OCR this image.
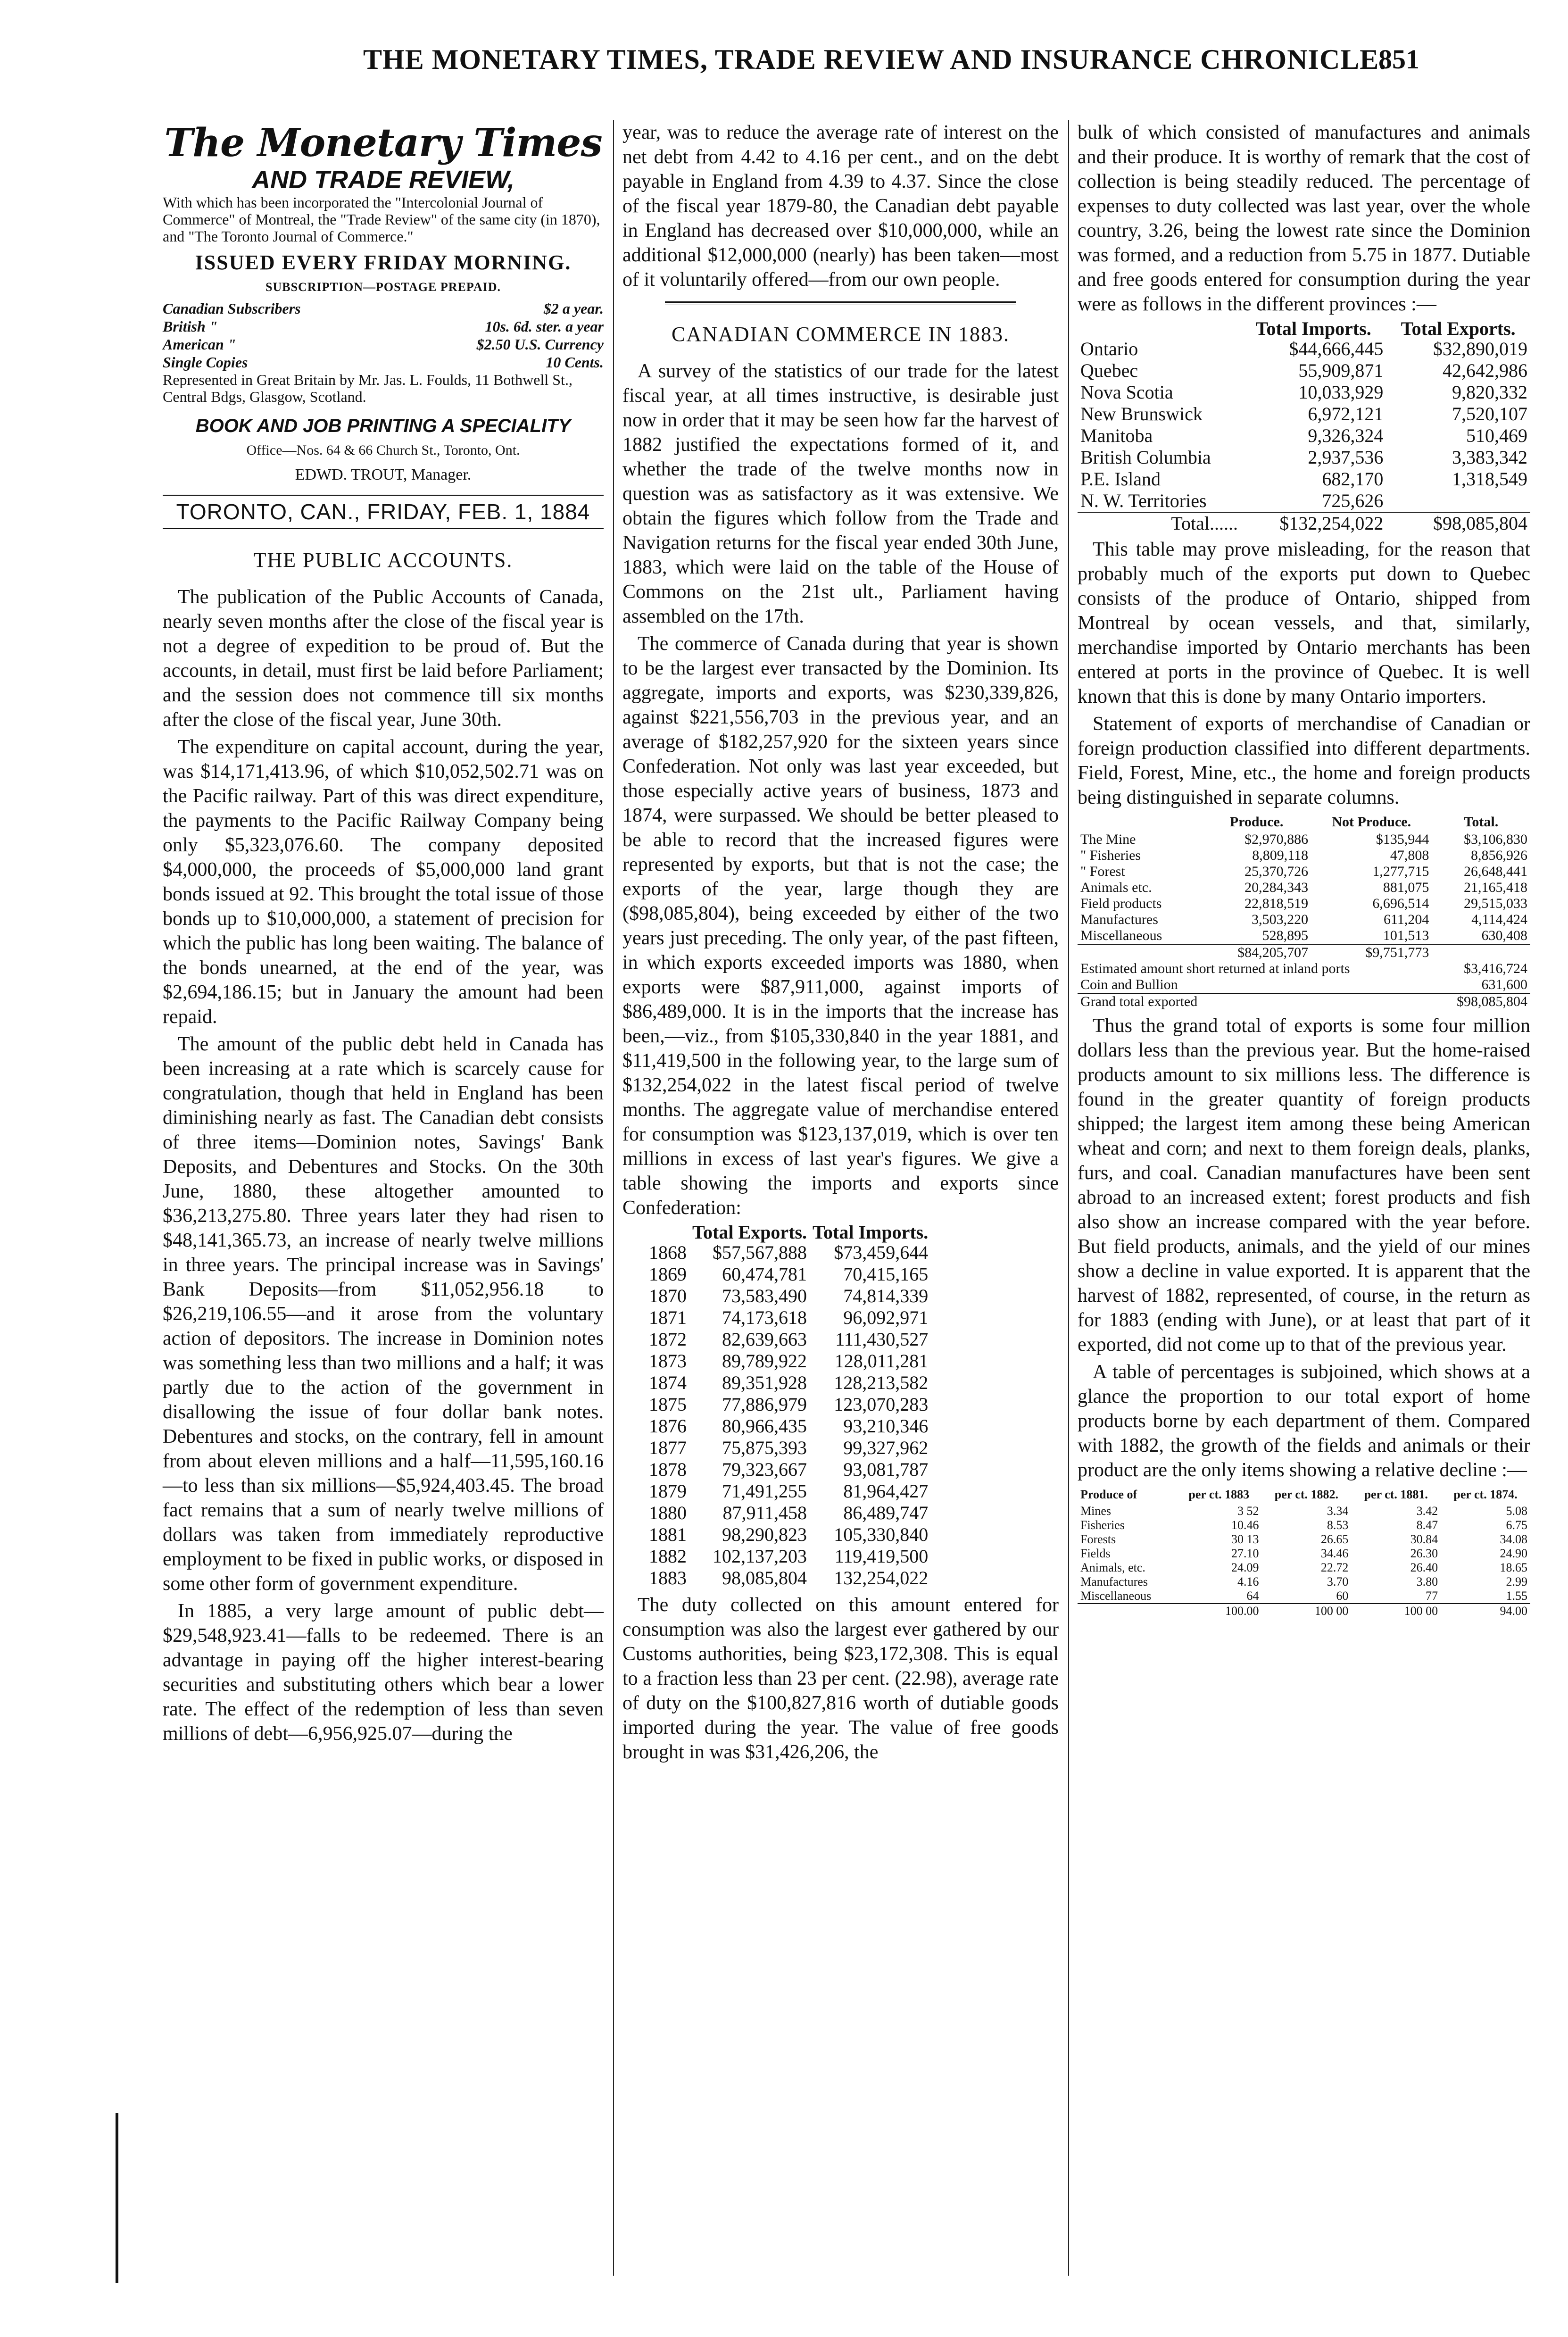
THE MONETARY TIMES, TRADE REVIEW AND INSURANCE CHRONICLE.
851
The Monetary Times
AND TRADE REVIEW,
With which has been incorporated the "Intercolonial Journal of Commerce" of Montreal, the "Trade Review" of the same city (in 1870), and "The Toronto Journal of Commerce."
ISSUED EVERY FRIDAY MORNING.
SUBSCRIPTION—POSTAGE PREPAID.
Canadian Subscribers	$2 a year.
British "	10s. 6d. ster. a year
American "	$2.50 U.S. Currency
Single Copies	10 Cents.
Represented in Great Britain by Mr. Jas. L. Foulds, 11 Bothwell St., Central Bdgs, Glasgow, Scotland.
BOOK AND JOB PRINTING A SPECIALITY
Office—Nos. 64 & 66 Church St., Toronto, Ont.
EDWD. TROUT, Manager.
TORONTO, CAN., FRIDAY, FEB. 1, 1884
THE PUBLIC ACCOUNTS.

The publication of the Public Accounts of Canada, nearly seven months after the close of the fiscal year is not a degree of expedition to be proud of. But the accounts, in detail, must first be laid before Parliament; and the session does not commence till six months after the close of the fiscal year, June 30th.

The expenditure on capital account, during the year, was $14,171,413.96, of which $10,052,502.71 was on the Pacific railway. Part of this was direct expenditure, the payments to the Pacific Railway Company being only $5,323,076.60. The company deposited $4,000,000, the proceeds of $5,000,000 land grant bonds issued at 92. This brought the total issue of those bonds up to $10,000,000, a statement of precision for which the public has long been waiting. The balance of the bonds unearned, at the end of the year, was $2,694,186.15; but in January the amount had been repaid.

The amount of the public debt held in Canada has been increasing at a rate which is scarcely cause for congratulation, though that held in England has been diminishing nearly as fast. The Canadian debt consists of three items—Dominion notes, Savings' Bank Deposits, and Debentures and Stocks. On the 30th June, 1880, these altogether amounted to $36,213,275.80. Three years later they had risen to $48,141,365.73, an increase of nearly twelve millions in three years. The principal increase was in Savings' Bank Deposits—from $11,052,956.18 to $26,219,106.55—and it arose from the voluntary action of depositors. The increase in Dominion notes was something less than two millions and a half; it was partly due to the action of the government in disallowing the issue of four dollar bank notes. Debentures and stocks, on the contrary, fell in amount from about eleven millions and a half—11,595,160.16—to less than six millions—$5,924,403.45. The broad fact remains that a sum of nearly twelve millions of dollars was taken from immediately reproductive employment to be fixed in public works, or disposed in some other form of government expenditure.

In 1885, a very large amount of public debt—$29,548,923.41—falls to be redeemed. There is an advantage in paying off the higher interest-bearing securities and substituting others which bear a lower rate. The effect of the redemption of less than seven millions of debt—6,956,925.07—during the

year, was to reduce the average rate of interest on the net debt from 4.42 to 4.16 per cent., and on the debt payable in England from 4.39 to 4.37. Since the close of the fiscal year 1879-80, the Canadian debt payable in England has decreased over $10,000,000, while an additional $12,000,000 (nearly) has been taken—most of it voluntarily offered—from our own people.

CANADIAN COMMERCE IN 1883.

A survey of the statistics of our trade for the latest fiscal year, at all times instructive, is desirable just now in order that it may be seen how far the harvest of 1882 justified the expectations formed of it, and whether the trade of the twelve months now in question was as satisfactory as it was extensive. We obtain the figures which follow from the Trade and Navigation returns for the fiscal year ended 30th June, 1883, which were laid on the table of the House of Commons on the 21st ult., Parliament having assembled on the 17th.

The commerce of Canada during that year is shown to be the largest ever transacted by the Dominion. Its aggregate, imports and exports, was $230,339,826, against $221,556,703 in the previous year, and an average of $182,257,920 for the sixteen years since Confederation. Not only was last year exceeded, but those especially active years of business, 1873 and 1874, were surpassed. We should be better pleased to be able to record that the increased figures were represented by exports, but that is not the case; the exports of the year, large though they are ($98,085,804), being exceeded by either of the two years just preceding. The only year, of the past fifteen, in which exports exceeded imports was 1880, when exports were $87,911,000, against imports of $86,489,000. It is in the imports that the increase has been,—viz., from $105,330,840 in the year 1881, and $11,419,500 in the following year, to the large sum of $132,254,022 in the latest fiscal period of twelve months. The aggregate value of merchandise entered for consumption was $123,137,019, which is over ten millions in excess of last year's figures. We give a table showing the imports and exports since Confederation:

	Total Exports.	Total Imports.
1868	$57,567,888	$73,459,644
1869	60,474,781	70,415,165
1870	73,583,490	74,814,339
1871	74,173,618	96,092,971
1872	82,639,663	111,430,527
1873	89,789,922	128,011,281
1874	89,351,928	128,213,582
1875	77,886,979	123,070,283
1876	80,966,435	93,210,346
1877	75,875,393	99,327,962
1878	79,323,667	93,081,787
1879	71,491,255	81,964,427
1880	87,911,458	86,489,747
1881	98,290,823	105,330,840
1882	102,137,203	119,419,500
1883	98,085,804	132,254,022

The duty collected on this amount entered for consumption was also the largest ever gathered by our Customs authorities, being $23,172,308. This is equal to a fraction less than 23 per cent. (22.98), average rate of duty on the $100,827,816 worth of dutiable goods imported during the year. The value of free goods brought in was $31,426,206, the

bulk of which consisted of manufactures and animals and their produce. It is worthy of remark that the cost of collection is being steadily reduced. The percentage of expenses to duty collected was last year, over the whole country, 3.26, being the lowest rate since the Dominion was formed, and a reduction from 5.75 in 1877. Dutiable and free goods entered for consumption during the year were as follows in the different provinces :—

	Total Imports.	Total Exports.
Ontario	$44,666,445	$32,890,019
Quebec	55,909,871	42,642,986
Nova Scotia	10,033,929	9,820,332
New Brunswick	6,972,121	7,520,107
Manitoba	9,326,324	510,469
British Columbia	2,937,536	3,383,342
P.E. Island	682,170	1,318,549
N. W. Territories	725,626	
Total......	$132,254,022	$98,085,804

This table may prove misleading, for the reason that probably much of the exports put down to Quebec consists of the produce of Ontario, shipped from Montreal by ocean vessels, and that, similarly, merchandise imported by Ontario merchants has been entered at ports in the province of Quebec. It is well known that this is done by many Ontario importers.

Statement of exports of merchandise of Canadian or foreign production classified into different departments. Field, Forest, Mine, etc., the home and foreign products being distinguished in separate columns.

	Produce.	Not Produce.	Total.
The Mine	$2,970,886	$135,944	$3,106,830
" Fisheries	8,809,118	47,808	8,856,926
" Forest	25,370,726	1,277,715	26,648,441
Animals etc.	20,284,343	881,075	21,165,418
Field products	22,818,519	6,696,514	29,515,033
Manufactures	3,503,220	611,204	4,114,424
Miscellaneous	528,895	101,513	630,408
	$84,205,707	$9,751,773	
Estimated amount short returned at inland ports			$3,416,724
Coin and Bullion			631,600
Grand total exported			$98,085,804

Thus the grand total of exports is some four million dollars less than the previous year. But the home-raised products amount to six millions less. The difference is found in the greater quantity of foreign products shipped; the largest item among these being American wheat and corn; and next to them foreign deals, planks, furs, and coal. Canadian manufactures have been sent abroad to an increased extent; forest products and fish also show an increase compared with the year before. But field products, animals, and the yield of our mines show a decline in value exported. It is apparent that the harvest of 1882, represented, of course, in the return as for 1883 (ending with June), or at least that part of it exported, did not come up to that of the previous year.

A table of percentages is subjoined, which shows at a glance the proportion to our total export of home products borne by each department of them. Compared with 1882, the growth of the fields and animals or their product are the only items showing a relative decline :—

Produce of	per ct. 1883	per ct. 1882.	per ct. 1881.	per ct. 1874.
Mines	3 52	3.34	3.42	5.08
Fisheries	10.46	8.53	8.47	6.75
Forests	30 13	26.65	30.84	34.08
Fields	27.10	34.46	26.30	24.90
Animals, etc.	24.09	22.72	26.40	18.65
Manufactures	4.16	3.70	3.80	2.99
Miscellaneous	64	60	77	1.55
	100.00	100 00	100 00	94.00
